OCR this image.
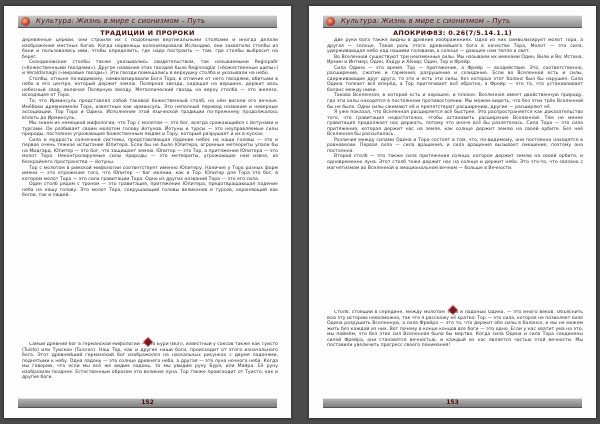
Культура: Жизнь в мире с сионизмом – Путь
ТРАДИЦИИ И ПРОРОКИ

деревянные церкви, они строили их с подобными вертикальными столбами и иногда делали изображения местных богов. Когда норвежцы колонизировали Исландию, они захватили столбы из бани и пользовались ими, чтобы определить, где надо построить — там, где столбы выбросит на берег.

Скандинавские столбы также указывались свидетельством, так называемыми Reginpaðr («божественными гвоздями»). Другое название этих гвоздей было Reginnaglar («божественные шипы») и Veraldarnagli («мировые гвозди»). Эти гвозди помещались в верхушку столба и указывали на небо.

Столбы, отныне по-видимому, символизировали Бога Тора, в отличие от него гвоздями, вбитыми в небо в его центре, который держит землю. Полярная звезда, сидящая на вершине, держит весь небесный свод, включая Полярную звезду. Металлический гвоздь на верху столба — это железо, исходящее от Тора.

То, что Ирминсуль представлял собой таковой божественный столб, на нём висели его вечные. Имёбоки древнеимели Тора, известные как ирминсуль. Это неполный перевод названия и неверные ассоциации. Тор Тора и Одина. Исполнение этой языческой традиции по-прежнему продолжалось вплоть до Ирминсуль.

Мы знаем из немецкой мифологии, что Тор с молотом — это бог, всегда сражающийся с йотунами и турсами. Он разбивает своим молотом голову йотунов. Йотуны и турсы — это неуправляемые силы природы, постоянно угрожающие божественным людям и Тору, который разрушает и их в кусках.

Сила и мудрость солнечной системы, представляющая падение небес на наши головы — это и первое очень тяжкое испытание Юпитера. Если бы не было Юпитера, огромные метеориты упали бы на Мидгард. Юпитер — это бог, что защищает землю. Юпитер — это Тор, а притяжение Юпитера — это молот Тора. Неконтролируемые силы природы — это метеориты, угрожающие нам извне, из бескрайнего пространства — йотуны.

Тор с молотом в римской мифологии соответствует именно Юпитеру. Наличие у Тора разных форм имени — это отражение того, что Юпитер — бог молнии, как и Тор. Юпитер для Тора это бог, в котором молот Тора — это сила гравитации Тора. Одно из других названий Тора — это его сила.

Один столб рядом с троном — это гравитация, притяжение Юпитера, предотвращающая падение неба на нашу голову. Это молот Тора, сокрушающий головы великанов и турсов, охраняющий как богов, так и людей.

Самый древний бог в германской мифологии — это Бури (Buri), известный у саксов также как Туисто (Tuisto) или Туискон (Tuiscon). Наш Тор, как и другие наши боги, происходит от этого изначального бога. Этот древнейший германский бог изображался на наскальных рисунках с двумя ладонями, поднятыми к небу. Одна ладонь — это солнце древнего неба, а другая — это луна ночного неба. Когда мы говорим, что если мы всё же видим ладонь, то мы увидим руну Буря, или Майра. Её руну изобразили позднее. Естественным образом эти великие луна. Тор также происходит от Туисто, как и другие боги.

152
Культура: Жизнь в мире с сионизмом – Путь
АПОКРИФ83: 0.26(7/5.14.1.1)

Две руки бога также видны в древних изображениях. Одна из них символизирует молот Тора, а другая — солнце. Таков роль этого древнейшего бога в качестве Тора, Молот — это сила, удерживающая небо над нашими головами, а солнце — дающее нам тепло и свет.

Во Вселенной существуют три неизменные силы. Мы называем их именами Один, Вили и Ве; Истина, Ирмин и Интмер; Один, Хэдур и Хёнир; Один, Тор и Фрейр.

Сила Одина — это время. Тор — притяжение, а Фрейр — воздействие. Это, соответственно, расширение, сжатие и гармония, разрушение и созидание. Если во Вселенной есть и силы, сдерживающие друг друга, то это и есть эти силы, без которых этот баланс был бы нарушен. Сила Одина толкает всё вперёд, а Тор притягивает всё обратно, а Фрейр — это то, что устанавливает баланс между ними.

Такова Вселенная, в которой есть и хорошее, и плохое. Вселенная имеет двойственную природу, где эти силы находятся в постоянном противостоянии. Мы можем видеть, что без этих трёх Вселенной бы не было. Одни силы сжимают её и препятствуют расширению, другие — расширяют её.

Я уже показал, что Вселенная расширяется всё быстрее. Это распространяется как доказательство того, что гравитация недостаточна, чтобы остановить расширение Вселенной. Тем не менее гравитация продолжает нас держать, потому что иначе всё бы разлетелось. Сила Тора — это сила притяжения, которая держит нас на земле, как солнце держит землю на своей орбите. Без неё Вселенная бы рассыпалась.

Различия между силами Одина и Тора состоят в том, что, по-видимому, они постоянно находятся в равновесии. Первая сила — сила вращения, и сила вращения вызывает смещение, поэтому она постоянна.

Второй столб — это также сила притяжения солнца, которое держит землю на своей орбите, и одновременно луна. Этот столб тоже держит нас на солнце и держит небо. Это что-то, что связано с магнетизмом во Вселенной в эмоциональном вечном — больше в Вечности.

Столб, стоящий в середине, между молотом Тора и ладонью Одина, — это много веков. Объяснить всю эту историю невозможно, так что я расскажу её кратко: Тор — это сила, которая не позволяет силе Одина разрушить Вселенную, а сила Фрейра — это то, что держит обе силы в балансе, и мы не можем жить без каждой из них. Вот почему в конце концов все боги — это одно. Если у нас хватит ума на это, мы поймём, что без этих сил Вселенная была бы мертва. Когда сила Одина и сила Тора соединены силой Фрейра, они становятся вечностью, и каждый из нас является частью этой вечности. Мы поставили увеличить прогресс своего понимания!

153
